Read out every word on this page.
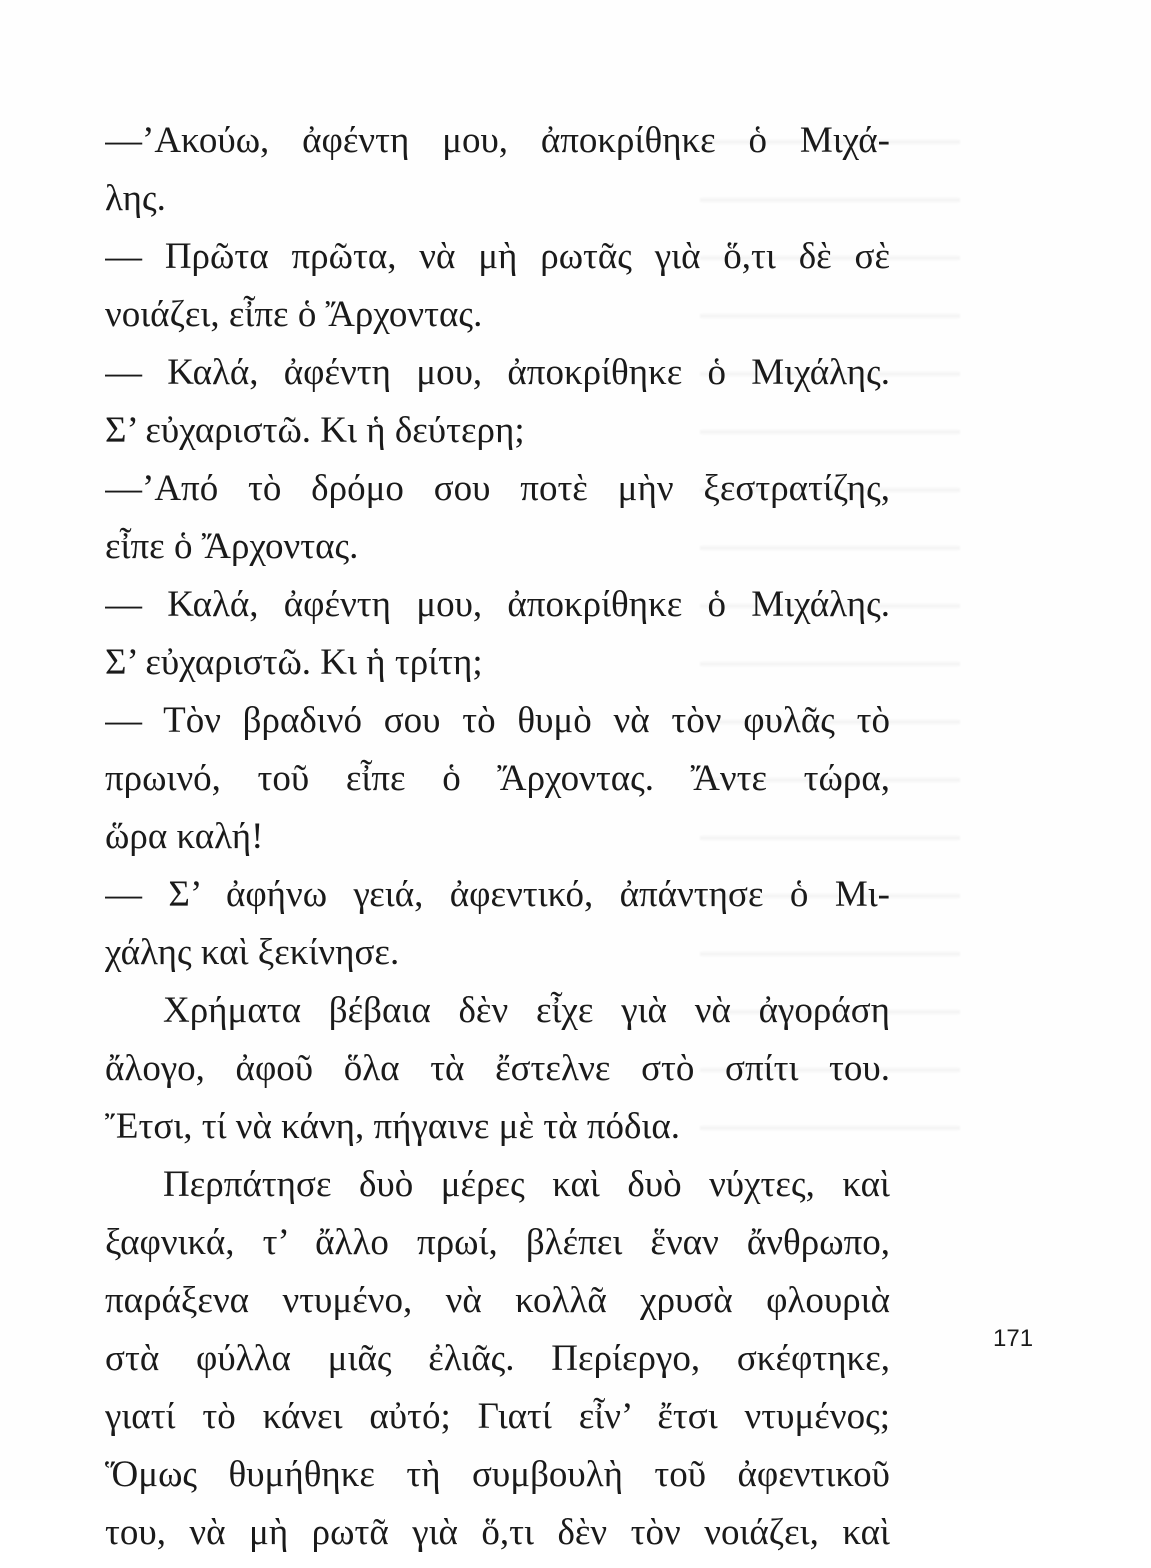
—’Ακούω, ἀφέντη μου, ἀποκρίθηκε ὁ Μιχά-
λης.
— Πρῶτα πρῶτα, νὰ μὴ ρωτᾶς γιὰ ὅ,τι δὲ σὲ
νοιάζει, εἶπε ὁ Ἄρχοντας.
— Καλά, ἀφέντη μου, ἀποκρίθηκε ὁ Μιχάλης.
Σ’ εὐχαριστῶ. Κι ἡ δεύτερη;
—’Από τὸ δρόμο σου ποτὲ μὴν ξεστρατίζης,
εἶπε ὁ Ἄρχοντας.
— Καλά, ἀφέντη μου, ἀποκρίθηκε ὁ Μιχάλης.
Σ’ εὐχαριστῶ. Κι ἡ τρίτη;
— Τὸν βραδινό σου τὸ θυμὸ νὰ τὸν φυλᾶς τὸ
πρωινό, τοῦ εἶπε ὁ Ἄρχοντας. Ἄντε τώρα,
ὥρα καλή!
— Σ’ ἀφήνω γειά, ἀφεντικό, ἀπάντησε ὁ Μι-
χάλης καὶ ξεκίνησε.
Χρήματα βέβαια δὲν εἶχε γιὰ νὰ ἀγοράση
ἄλογο, ἀφοῦ ὅλα τὰ ἔστελνε στὸ σπίτι του.
Ἔτσι, τί νὰ κάνη, πήγαινε μὲ τὰ πόδια.
Περπάτησε δυὸ μέρες καὶ δυὸ νύχτες, καὶ
ξαφνικά, τ’ ἄλλο πρωί, βλέπει ἕναν ἄνθρωπο,
παράξενα ντυμένο, νὰ κολλᾶ χρυσὰ φλουριὰ
στὰ φύλλα μιᾶς ἐλιᾶς. Περίεργο, σκέφτηκε,
γιατί τὸ κάνει αὐτό; Γιατί εἶν’ ἔτσι ντυμένος;
Ὅμως θυμήθηκε τὴ συμβουλὴ τοῦ ἀφεντικοῦ
του, νὰ μὴ ρωτᾶ γιὰ ὅ,τι δὲν τὸν νοιάζει, καὶ
171
